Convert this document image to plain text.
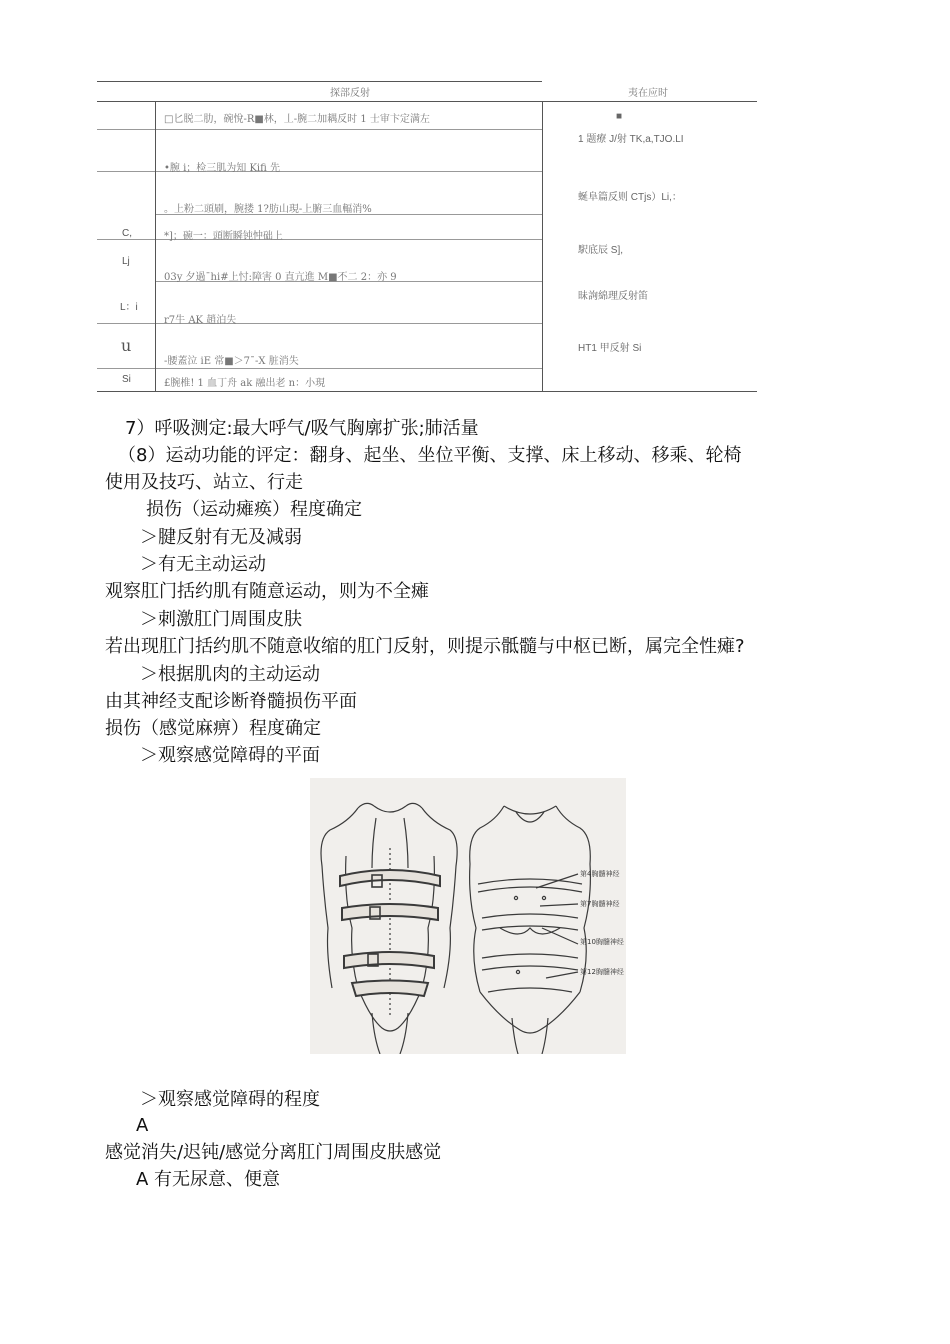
探部反射	夷在应时
C,
Lj
L：i
u
Si
□匕脱二肋，碗悅-R■林，丄-腕二加耦反时 1 士审卞定满左
•腕 i；检三肌为知 Kifi 先
。上粉二頭刷，腕搂 1?肪山現-上腑三血輻消%
*]；碗一：頭断瞬钝忡础上
03y 夕過ˉhi#上忖:障害 0 直亢進 M■不二 2：亦 9
r7牛 AK 趙泊失
-腰蓋泣 iE 常■＞7ˉ-X 脏消失
£腕椎! 1 血丁舟 ak 融出老 n：小現
■
1 题療 J/射 TK,a,TJO.LI
蜒阜篇反则 CTjs）Li,：
駅底辰 S],
昧詢綿理反射笛
HT1 甲反射 Si
7）呼吸测定:最大呼气/吸气胸廓扩张;肺活量
（8）运动功能的评定：翻身、起坐、坐位平衡、支撑、床上移动、移乘、轮椅
使用及技巧、站立、行走
损伤（运动瘫痪）程度确定
＞腱反射有无及减弱
＞有无主动运动
观察肛门括约肌有随意运动，则为不全瘫
＞刺激肛门周围皮肤
若出现肛门括约肌不随意收缩的肛门反射，则提示骶髓与中枢已断，属完全性瘫?
＞根据肌肉的主动运动
由其神经支配诊断脊髓损伤平面
损伤（感觉麻痹）程度确定
＞观察感觉障碍的平面
第4胸髓神经
第7胸髓神经
第10胸髓神经
第12胸髓神经
＞观察感觉障碍的程度
A
感觉消失/迟钝/感觉分离肛门周围皮肤感觉
A 有无尿意、便意
